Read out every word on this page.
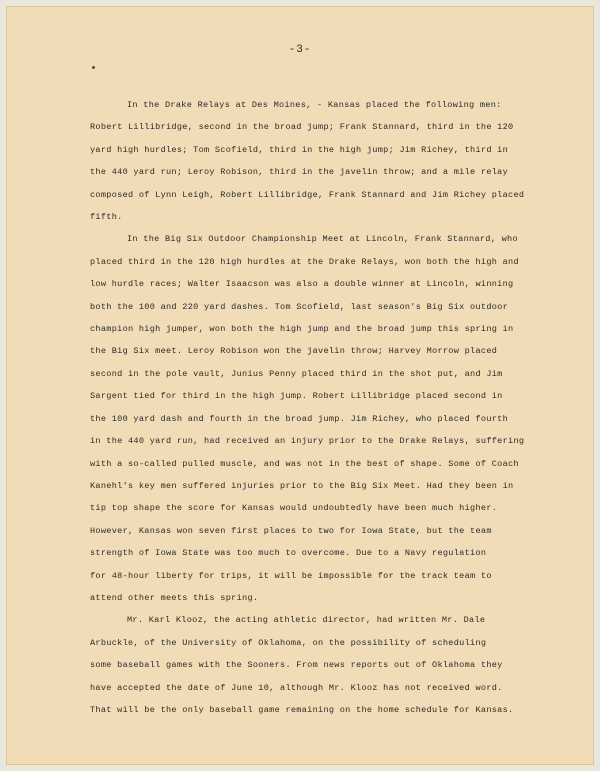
-3-
In the Drake Relays at Des Moines, - Kansas placed the following men:
Robert Lillibridge, second in the broad jump; Frank Stannard, third in the 120
yard high hurdles; Tom Scofield, third in the high jump; Jim Richey, third in
the 440 yard run; Leroy Robison, third in the javelin throw; and a mile relay
composed of Lynn Leigh, Robert Lillibridge, Frank Stannard and Jim Richey placed
fifth.
In the Big Six Outdoor Championship Meet at Lincoln, Frank Stannard, who
placed third in the 120 high hurdles at the Drake Relays, won both the high and
low hurdle races; Walter Isaacson was also a double winner at Lincoln, winning
both the 100 and 220 yard dashes. Tom Scofield, last season's Big Six outdoor
champion high jumper, won both the high jump and the broad jump this spring in
the Big Six meet. Leroy Robison won the javelin throw; Harvey Morrow placed
second in the pole vault, Junius Penny placed third in the shot put, and Jim
Sargent tied for third in the high jump. Robert Lillibridge placed second in
the 100 yard dash and fourth in the broad jump. Jim Richey, who placed fourth
in the 440 yard run, had received an injury prior to the Drake Relays, suffering
with a so-called pulled muscle, and was not in the best of shape. Some of Coach
Kanehl's key men suffered injuries prior to the Big Six Meet. Had they been in
tip top shape the score for Kansas would undoubtedly have been much higher.
However, Kansas won seven first places to two for Iowa State, but the team
strength of Iowa State was too much to overcome. Due to a Navy regulation
for 48-hour liberty for trips, it will be impossible for the track team to
attend other meets this spring.
Mr. Karl Klooz, the acting athletic director, had written Mr. Dale
Arbuckle, of the University of Oklahoma, on the possibility of scheduling
some baseball games with the Sooners. From news reports out of Oklahoma they
have accepted the date of June 10, although Mr. Klooz has not received word.
That will be the only baseball game remaining on the home schedule for Kansas.
